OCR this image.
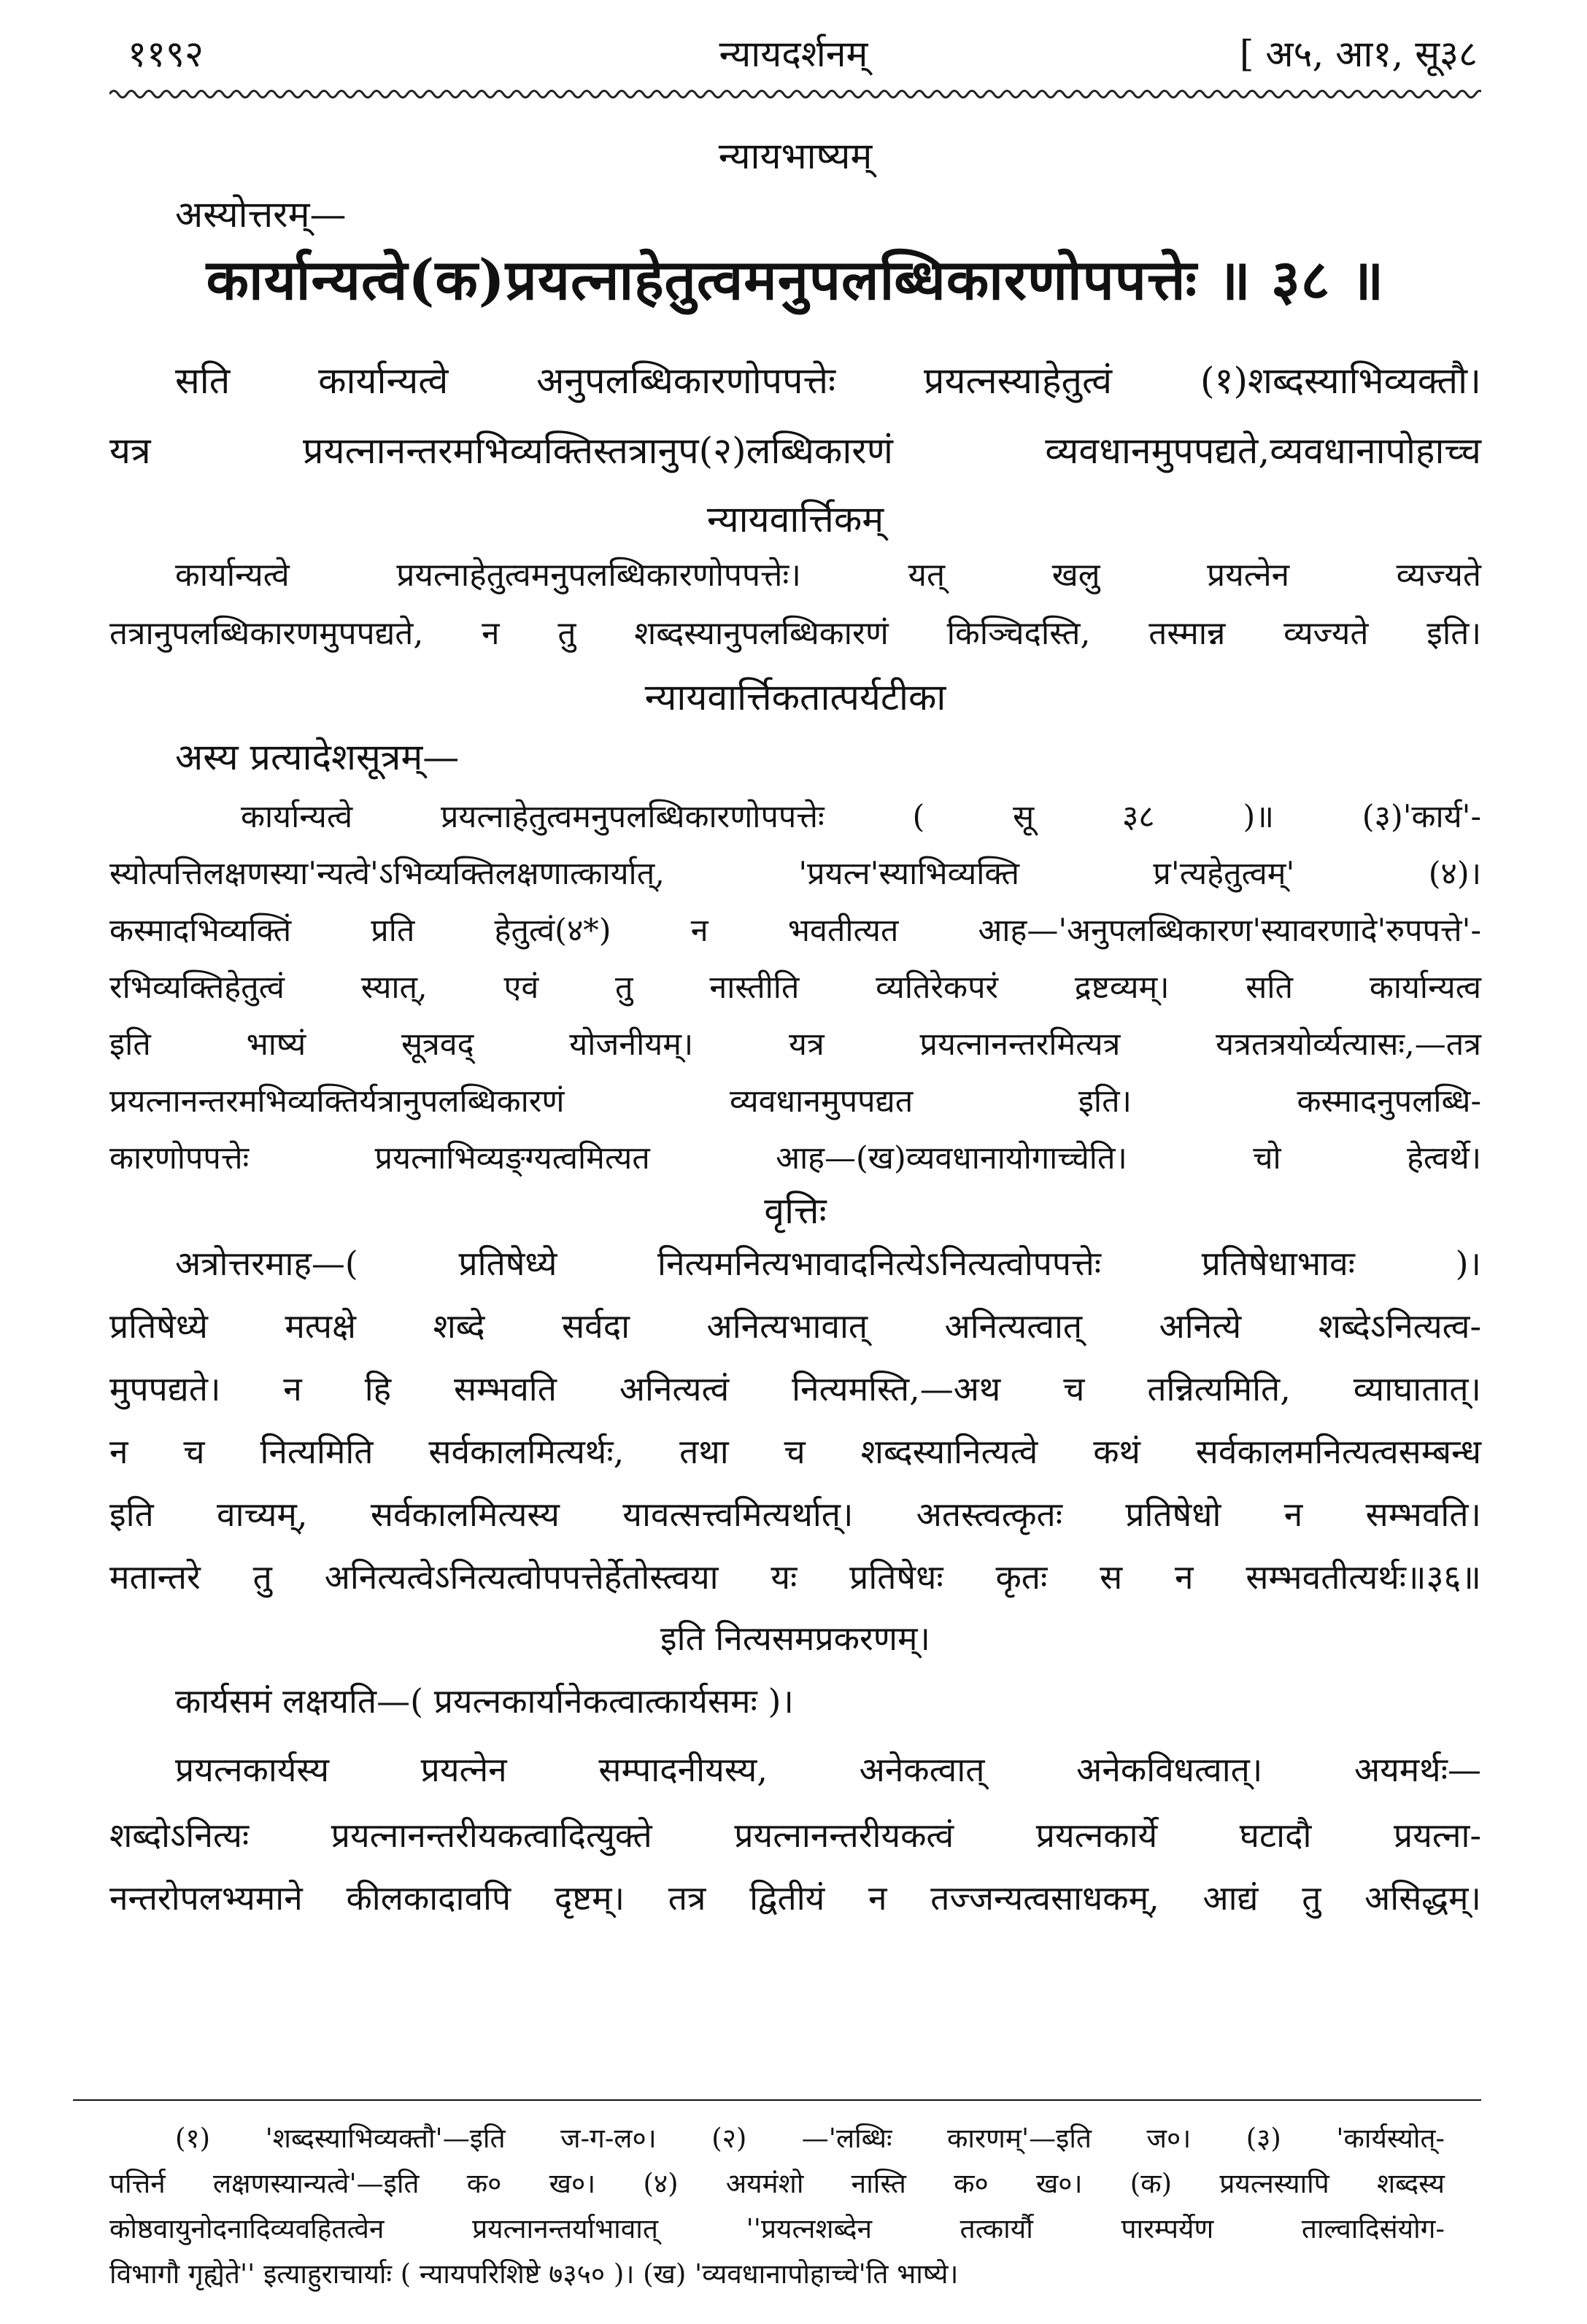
११९२	न्यायदर्शनम्	[ अ५, आ१, सू३८
न्यायभाष्यम्
अस्योत्तरम्—
कार्यान्यत्वे(क)प्रयत्नाहेतुत्वमनुपलब्धिकारणोपपत्तेः ॥ ३८ ॥
सति कार्यान्यत्वे अनुपलब्धिकारणोपपत्तेः प्रयत्नस्याहेतुत्वं (१)शब्दस्याभिव्यक्तौ।
यत्र प्रयत्नानन्तरमभिव्यक्तिस्तत्रानुप(२)लब्धिकारणं व्यवधानमुपपद्यते,व्यवधानापोहाच्च
न्यायवार्त्तिकम्
कार्यान्यत्वे प्रयत्नाहेतुत्वमनुपलब्धिकारणोपपत्तेः। यत् खलु प्रयत्नेन व्यज्यते
तत्रानुपलब्धिकारणमुपपद्यते, न तु शब्दस्यानुपलब्धिकारणं किञ्चिदस्ति, तस्मान्न व्यज्यते इति।
न्यायवार्त्तिकतात्पर्यटीका
अस्य प्रत्यादेशसूत्रम्—
कार्यान्यत्वे प्रयत्नाहेतुत्वमनुपलब्धिकारणोपपत्तेः ( सू ३८ )॥ (३)'कार्य'-
स्योत्पत्तिलक्षणस्या'न्यत्वे'ऽभिव्यक्तिलक्षणात्कार्यात्, 'प्रयत्न'स्याभिव्यक्ति प्र'त्यहेतुत्वम्' (४)।
कस्मादभिव्यक्तिं प्रति हेतुत्वं(४*) न भवतीत्यत आह—'अनुपलब्धिकारण'स्यावरणादे'रुपपत्ते'-
रभिव्यक्तिहेतुत्वं स्यात्, एवं तु नास्तीति व्यतिरेकपरं द्रष्टव्यम्। सति कार्यान्यत्व
इति भाष्यं सूत्रवद् योजनीयम्। यत्र प्रयत्नानन्तरमित्यत्र यत्रतत्रयोर्व्यत्यासः,—तत्र
प्रयत्नानन्तरमभिव्यक्तिर्यत्रानुपलब्धिकारणं व्यवधानमुपपद्यत इति। कस्मादनुपलब्धि-
कारणोपपत्तेः प्रयत्नाभिव्यङ्ग्यत्वमित्यत आह—(ख)व्यवधानायोगाच्चेति। चो हेत्वर्थे।
वृत्तिः
अत्रोत्तरमाह—( प्रतिषेध्ये नित्यमनित्यभावादनित्येऽनित्यत्वोपपत्तेः प्रतिषेधाभावः )।
प्रतिषेध्ये मत्पक्षे शब्दे सर्वदा अनित्यभावात् अनित्यत्वात् अनित्ये शब्देऽनित्यत्व-
मुपपद्यते। न हि सम्भवति अनित्यत्वं नित्यमस्ति,—अथ च तन्नित्यमिति, व्याघातात्।
न च नित्यमिति सर्वकालमित्यर्थः, तथा च शब्दस्यानित्यत्वे कथं सर्वकालमनित्यत्वसम्बन्ध
इति वाच्यम्, सर्वकालमित्यस्य यावत्सत्त्वमित्यर्थात्। अतस्त्वत्कृतः प्रतिषेधो न सम्भवति।
मतान्तरे तु अनित्यत्वेऽनित्यत्वोपपत्तेर्हेतोस्त्वया यः प्रतिषेधः कृतः स न सम्भवतीत्यर्थः॥३६॥
इति नित्यसमप्रकरणम्।
कार्यसमं लक्षयति—( प्रयत्नकार्यानेकत्वात्कार्यसमः )।
प्रयत्नकार्यस्य प्रयत्नेन सम्पादनीयस्य, अनेकत्वात् अनेकविधत्वात्। अयमर्थः—
शब्दोऽनित्यः प्रयत्नानन्तरीयकत्वादित्युक्ते प्रयत्नानन्तरीयकत्वं प्रयत्नकार्ये घटादौ प्रयत्ना-
नन्तरोपलभ्यमाने कीलकादावपि दृष्टम्। तत्र द्वितीयं न तज्जन्यत्वसाधकम्, आद्यं तु असिद्धम्।
(१) 'शब्दस्याभिव्यक्तौ'—इति ज-ग-ल०। (२) —'लब्धिः कारणम्'—इति ज०। (३) 'कार्यस्योत्-
पत्तिर्न लक्षणस्यान्यत्वे'—इति क० ख०। (४) अयमंशो नास्ति क० ख०। (क) प्रयत्नस्यापि शब्दस्य
कोष्ठवायुनोदनादिव्यवहितत्वेन प्रयत्नानन्तर्याभावात् ''प्रयत्नशब्देन तत्कार्यौ पारम्पर्येण ताल्वादिसंयोग-
विभागौ गृह्येते'' इत्याहुराचार्याः ( न्यायपरिशिष्टे ७३५० )। (ख) 'व्यवधानापोहाच्चे'ति भाष्ये।
